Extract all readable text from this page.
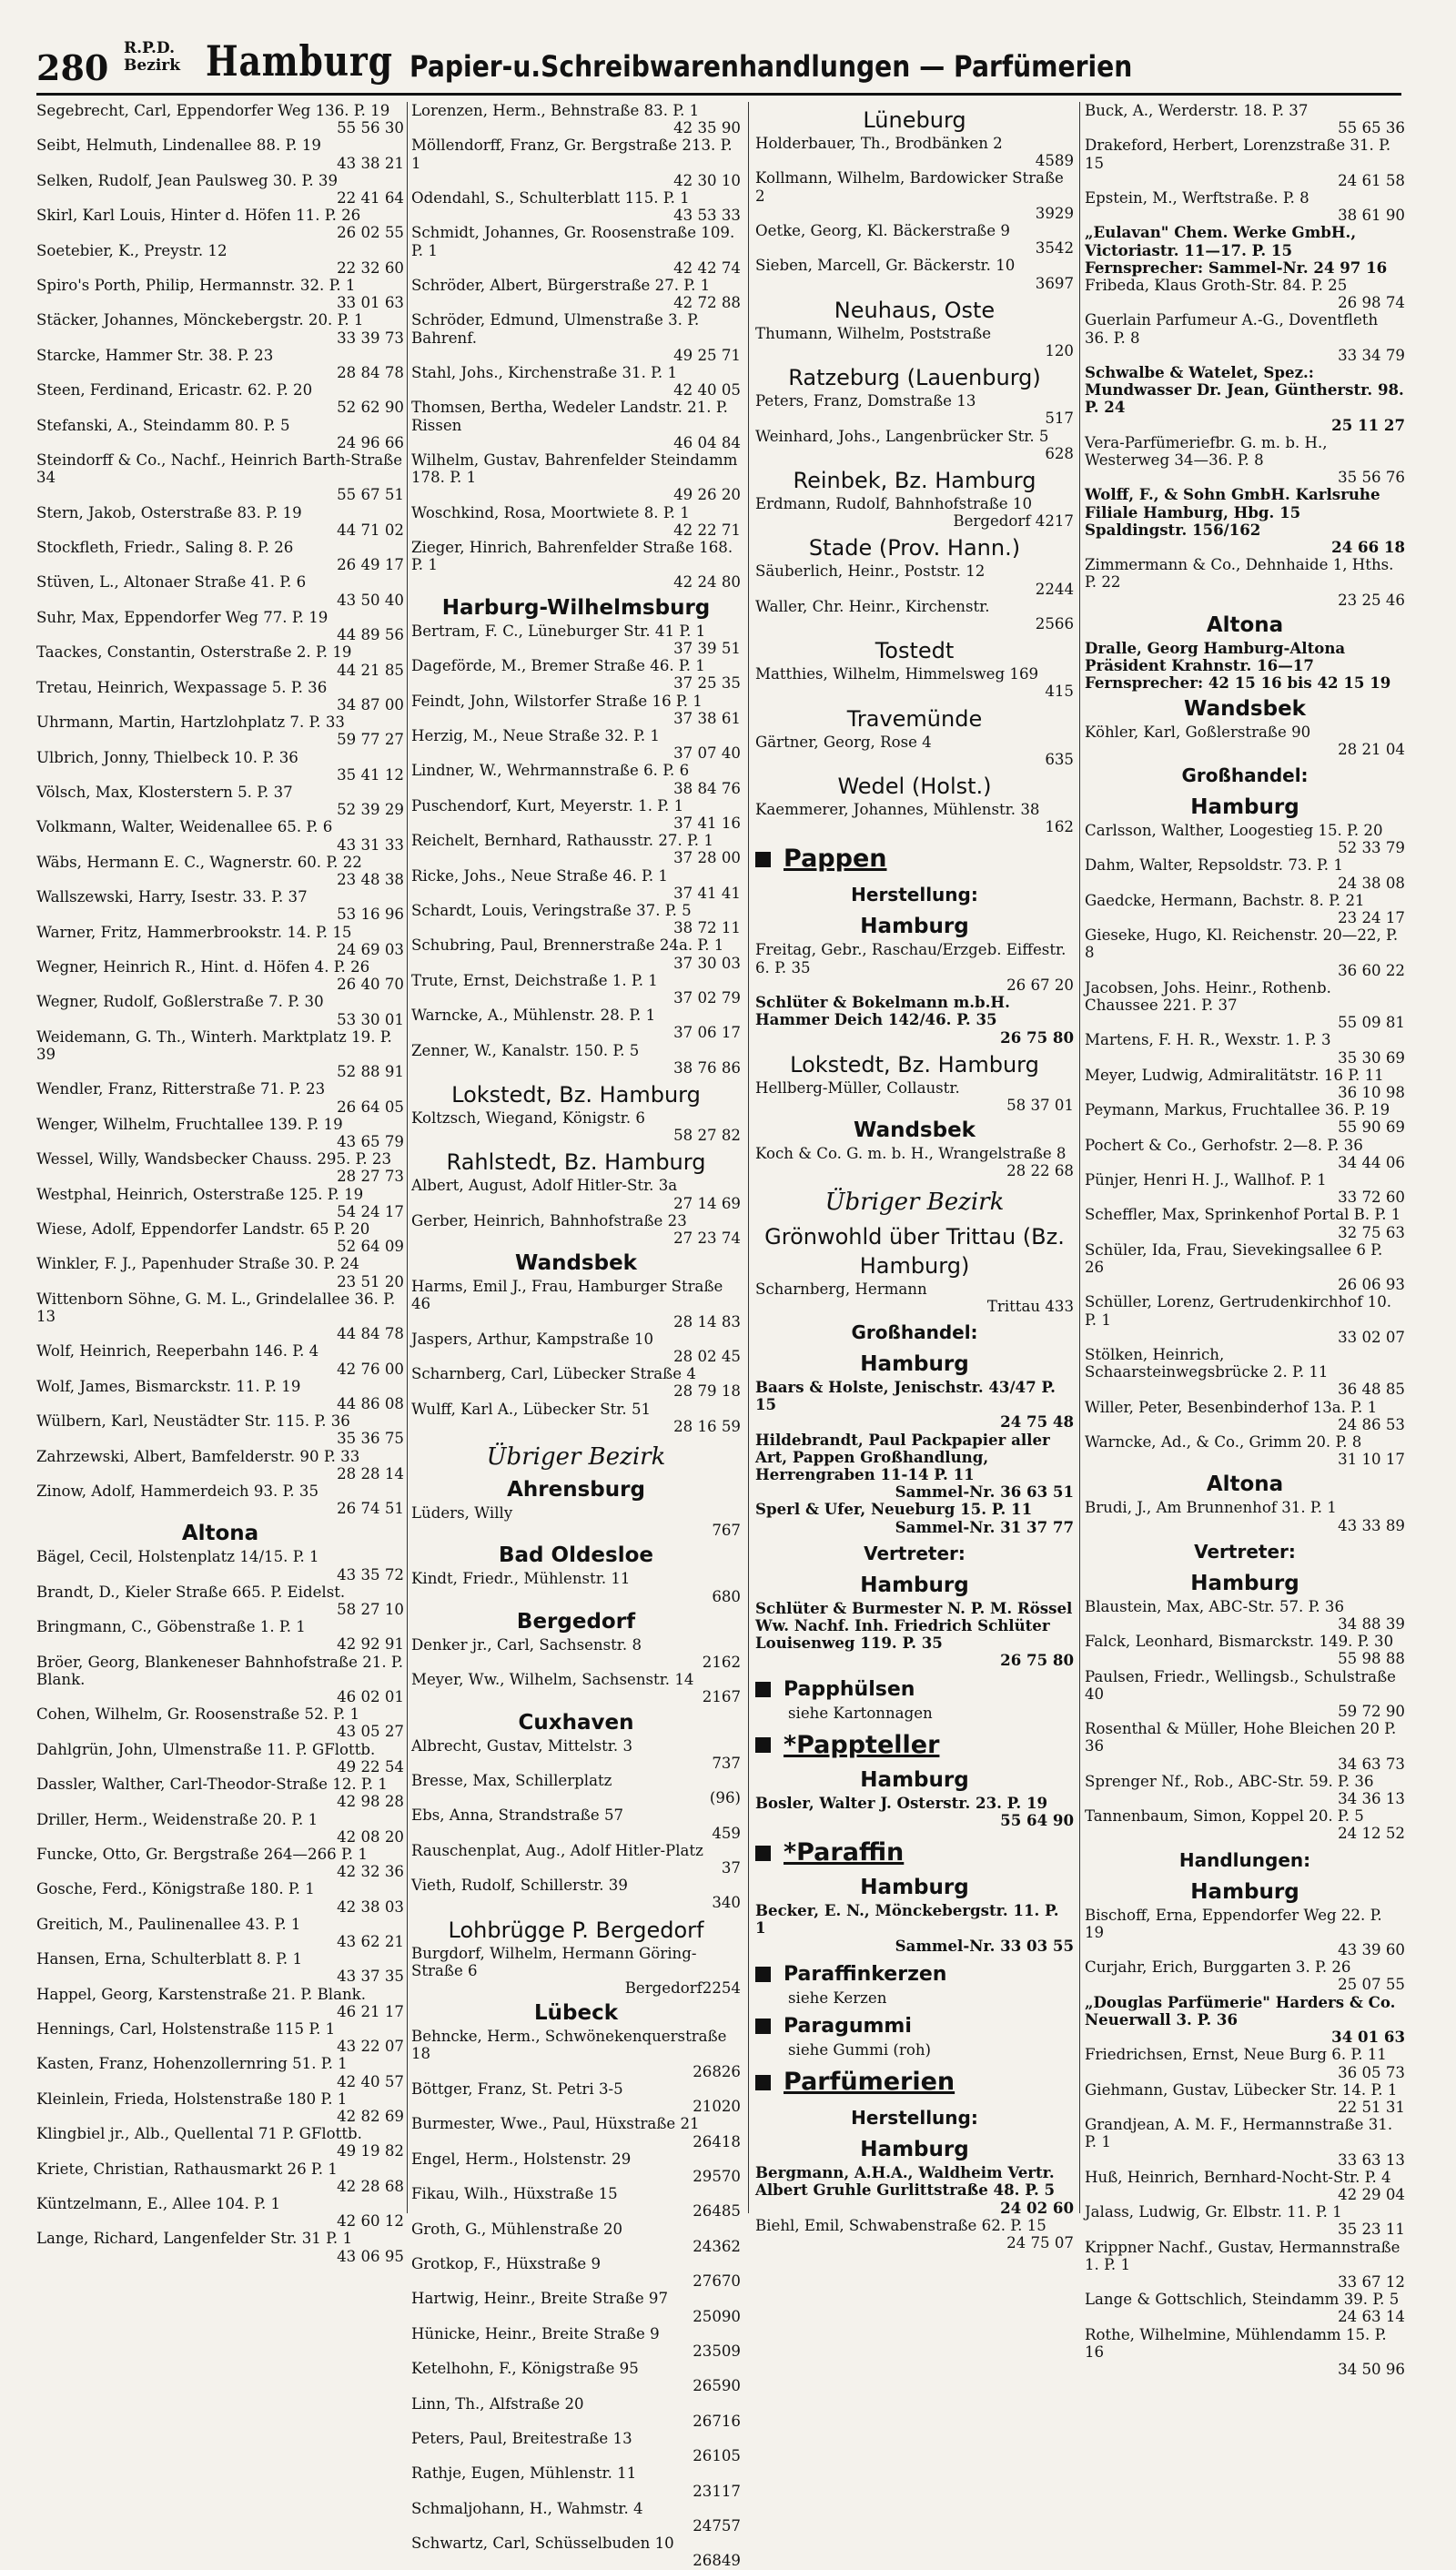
280 R.P.D.
Bezirk Hamburg Papier-u.Schreibwarenhandlungen — Parfümerien
Segebrecht, Carl, Eppendorfer Weg 136. P. 19
55 56 30
Seibt, Helmuth, Lindenallee 88. P. 19
43 38 21
Selken, Rudolf, Jean Paulsweg 30. P. 39
22 41 64
Skirl, Karl Louis, Hinter d. Höfen 11. P. 26
26 02 55
Soetebier, K., Preystr. 12
22 32 60
Spiro's Porth, Philip, Hermannstr. 32. P. 1
33 01 63
Stäcker, Johannes, Mönckebergstr. 20. P. 1
33 39 73
Starcke, Hammer Str. 38. P. 23
28 84 78
Steen, Ferdinand, Ericastr. 62. P. 20
52 62 90
Stefanski, A., Steindamm 80. P. 5
24 96 66
Steindorff & Co., Nachf., Heinrich Barth-Straße 34
55 67 51
Stern, Jakob, Osterstraße 83. P. 19
44 71 02
Stockfleth, Friedr., Saling 8. P. 26
26 49 17
Stüven, L., Altonaer Straße 41. P. 6
43 50 40
Suhr, Max, Eppendorfer Weg 77. P. 19
44 89 56
Taackes, Constantin, Osterstraße 2. P. 19
44 21 85
Tretau, Heinrich, Wexpassage 5. P. 36
34 87 00
Uhrmann, Martin, Hartzlohplatz 7. P. 33
59 77 27
Ulbrich, Jonny, Thielbeck 10. P. 36
35 41 12
Völsch, Max, Klosterstern 5. P. 37
52 39 29
Volkmann, Walter, Weidenallee 65. P. 6
43 31 33
Wäbs, Hermann E. C., Wagnerstr. 60. P. 22
23 48 38
Wallszewski, Harry, Isestr. 33. P. 37
53 16 96
Warner, Fritz, Hammerbrookstr. 14. P. 15
24 69 03
Wegner, Heinrich R., Hint. d. Höfen 4. P. 26
26 40 70
Wegner, Rudolf, Goßlerstraße 7. P. 30
53 30 01
Weidemann, G. Th., Winterh. Marktplatz 19. P. 39
52 88 91
Wendler, Franz, Ritterstraße 71. P. 23
26 64 05
Wenger, Wilhelm, Fruchtallee 139. P. 19
43 65 79
Wessel, Willy, Wandsbecker Chauss. 295. P. 23
28 27 73
Westphal, Heinrich, Osterstraße 125. P. 19
54 24 17
Wiese, Adolf, Eppendorfer Landstr. 65 P. 20
52 64 09
Winkler, F. J., Papenhuder Straße 30. P. 24
23 51 20
Wittenborn Söhne, G. M. L., Grindelallee 36. P. 13
44 84 78
Wolf, Heinrich, Reeperbahn 146. P. 4
42 76 00
Wolf, James, Bismarckstr. 11. P. 19
44 86 08
Wülbern, Karl, Neustädter Str. 115. P. 36
35 36 75
Zahrzewski, Albert, Bamfelderstr. 90 P. 33
28 28 14
Zinow, Adolf, Hammerdeich 93. P. 35
26 74 51
Altona
Bägel, Cecil, Holstenplatz 14/15. P. 1
43 35 72
Brandt, D., Kieler Straße 665. P. Eidelst.
58 27 10
Bringmann, C., Göbenstraße 1. P. 1
42 92 91
Bröer, Georg, Blankeneser Bahnhofstraße 21. P. Blank.
46 02 01
Cohen, Wilhelm, Gr. Roosenstraße 52. P. 1
43 05 27
Dahlgrün, John, Ulmenstraße 11. P. GFlottb.
49 22 54
Dassler, Walther, Carl-Theodor-Straße 12. P. 1
42 98 28
Driller, Herm., Weidenstraße 20. P. 1
42 08 20
Funcke, Otto, Gr. Bergstraße 264—266 P. 1
42 32 36
Gosche, Ferd., Königstraße 180. P. 1
42 38 03
Greitich, M., Paulinenallee 43. P. 1
43 62 21
Hansen, Erna, Schulterblatt 8. P. 1
43 37 35
Happel, Georg, Karstenstraße 21. P. Blank.
46 21 17
Hennings, Carl, Holstenstraße 115 P. 1
43 22 07
Kasten, Franz, Hohenzollernring 51. P. 1
42 40 57
Kleinlein, Frieda, Holstenstraße 180 P. 1
42 82 69
Klingbiel jr., Alb., Quellental 71 P. GFlottb.
49 19 82
Kriete, Christian, Rathausmarkt 26 P. 1
42 28 68
Küntzelmann, E., Allee 104. P. 1
42 60 12
Lange, Richard, Langenfelder Str. 31 P. 1
43 06 95
Lorenzen, Herm., Behnstraße 83. P. 1
42 35 90
Möllendorff, Franz, Gr. Bergstraße 213. P. 1
42 30 10
Odendahl, S., Schulterblatt 115. P. 1
43 53 33
Schmidt, Johannes, Gr. Roosenstraße 109. P. 1
42 42 74
Schröder, Albert, Bürgerstraße 27. P. 1
42 72 88
Schröder, Edmund, Ulmenstraße 3. P. Bahrenf.
49 25 71
Stahl, Johs., Kirchenstraße 31. P. 1
42 40 05
Thomsen, Bertha, Wedeler Landstr. 21. P. Rissen
46 04 84
Wilhelm, Gustav, Bahrenfelder Steindamm 178. P. 1
49 26 20
Woschkind, Rosa, Moortwiete 8. P. 1
42 22 71
Zieger, Hinrich, Bahrenfelder Straße 168. P. 1
42 24 80
Harburg-Wilhelmsburg
Bertram, F. C., Lüneburger Str. 41 P. 1
37 39 51
Dageförde, M., Bremer Straße 46. P. 1
37 25 35
Feindt, John, Wilstorfer Straße 16 P. 1
37 38 61
Herzig, M., Neue Straße 32. P. 1
37 07 40
Lindner, W., Wehrmannstraße 6. P. 6
38 84 76
Puschendorf, Kurt, Meyerstr. 1. P. 1
37 41 16
Reichelt, Bernhard, Rathausstr. 27. P. 1
37 28 00
Ricke, Johs., Neue Straße 46. P. 1
37 41 41
Schardt, Louis, Veringstraße 37. P. 5
38 72 11
Schubring, Paul, Brennerstraße 24a. P. 1
37 30 03
Trute, Ernst, Deichstraße 1. P. 1
37 02 79
Warncke, A., Mühlenstr. 28. P. 1
37 06 17
Zenner, W., Kanalstr. 150. P. 5
38 76 86
Lokstedt, Bz. Hamburg
Koltzsch, Wiegand, Königstr. 6
58 27 82
Rahlstedt, Bz. Hamburg
Albert, August, Adolf Hitler-Str. 3a
27 14 69
Gerber, Heinrich, Bahnhofstraße 23
27 23 74
Wandsbek
Harms, Emil J., Frau, Hamburger Straße 46
28 14 83
Jaspers, Arthur, Kampstraße 10
28 02 45
Scharnberg, Carl, Lübecker Straße 4
28 79 18
Wulff, Karl A., Lübecker Str. 51
28 16 59
Übriger Bezirk
Ahrensburg
Lüders, Willy
767
Bad Oldesloe
Kindt, Friedr., Mühlenstr. 11
680
Bergedorf
Denker jr., Carl, Sachsenstr. 8
2162
Meyer, Ww., Wilhelm, Sachsenstr. 14
2167
Cuxhaven
Albrecht, Gustav, Mittelstr. 3
737
Bresse, Max, Schillerplatz
(96)
Ebs, Anna, Strandstraße 57
459
Rauschenplat, Aug., Adolf Hitler-Platz
37
Vieth, Rudolf, Schillerstr. 39
340
Lohbrügge P. Bergedorf
Burgdorf, Wilhelm, Hermann Göring-Straße 6
Bergedorf2254
Lübeck
Behncke, Herm., Schwönekenquerstraße 18
26826
Böttger, Franz, St. Petri 3-5
21020
Burmester, Wwe., Paul, Hüxstraße 21
26418
Engel, Herm., Holstenstr. 29
29570
Fikau, Wilh., Hüxstraße 15
26485
Groth, G., Mühlenstraße 20
24362
Grotkop, F., Hüxstraße 9
27670
Hartwig, Heinr., Breite Straße 97
25090
Hünicke, Heinr., Breite Straße 9
23509
Ketelhohn, F., Königstraße 95
26590
Linn, Th., Alfstraße 20
26716
Peters, Paul, Breitestraße 13
26105
Rathje, Eugen, Mühlenstr. 11
23117
Schmaljohann, H., Wahmstr. 4
24757
Schwartz, Carl, Schüsselbuden 10
26849
Lüneburg
Holderbauer, Th., Brodbänken 2
4589
Kollmann, Wilhelm, Bardowicker Straße 2
3929
Oetke, Georg, Kl. Bäckerstraße 9
3542
Sieben, Marcell, Gr. Bäckerstr. 10
3697
Neuhaus, Oste
Thumann, Wilhelm, Poststraße
120
Ratzeburg (Lauenburg)
Peters, Franz, Domstraße 13
517
Weinhard, Johs., Langenbrücker Str. 5
628
Reinbek, Bz. Hamburg
Erdmann, Rudolf, Bahnhofstraße 10
Bergedorf 4217
Stade (Prov. Hann.)
Säuberlich, Heinr., Poststr. 12
2244
Waller, Chr. Heinr., Kirchenstr.
2566
Tostedt
Matthies, Wilhelm, Himmelsweg 169
415
Travemünde
Gärtner, Georg, Rose 4
635
Wedel (Holst.)
Kaemmerer, Johannes, Mühlenstr. 38
162
Pappen
Herstellung:
Hamburg
Freitag, Gebr., Raschau/Erzgeb. Eiffestr. 6. P. 35
26 67 20
Schlüter & Bokelmann m.b.H. Hammer Deich 142/46. P. 35
26 75 80
Lokstedt, Bz. Hamburg
Hellberg-Müller, Collaustr.
58 37 01
Wandsbek
Koch & Co. G. m. b. H., Wrangelstraße 8
28 22 68
Übriger Bezirk
Grönwohld über Trittau (Bz. Hamburg)
Scharnberg, Hermann
Trittau 433
Großhandel:
Hamburg
Baars & Holste, Jenischstr. 43/47 P. 15
24 75 48
Hildebrandt, Paul Packpapier aller Art, Pappen Großhandlung, Herrengraben 11-14 P. 11
Sammel-Nr. 36 63 51
Sperl & Ufer, Neueburg 15. P. 11
Sammel-Nr. 31 37 77
Vertreter:
Hamburg
Schlüter & Burmester N. P. M. Rössel Ww. Nachf. Inh. Friedrich Schlüter Louisenweg 119. P. 35
26 75 80
Papphülsen
siehe Kartonnagen
*Pappteller
Hamburg
Bosler, Walter J. Osterstr. 23. P. 19
55 64 90
*Paraffin
Hamburg
Becker, E. N., Mönckebergstr. 11. P. 1
Sammel-Nr. 33 03 55
Paraffinkerzen
siehe Kerzen
Paragummi
siehe Gummi (roh)
Parfümerien
Herstellung:
Hamburg
Bergmann, A.H.A., Waldheim Vertr. Albert Gruhle Gurlittstraße 48. P. 5
24 02 60
Biehl, Emil, Schwabenstraße 62. P. 15
24 75 07
Buck, A., Werderstr. 18. P. 37
55 65 36
Drakeford, Herbert, Lorenzstraße 31. P. 15
24 61 58
Epstein, M., Werftstraße. P. 8
38 61 90
„Eulavan" Chem. Werke GmbH., Victoriastr. 11—17. P. 15 Fernsprecher: Sammel-Nr. 24 97 16
Fribeda, Klaus Groth-Str. 84. P. 25
26 98 74
Guerlain Parfumeur A.-G., Doventfleth 36. P. 8
33 34 79
Schwalbe & Watelet, Spez.: Mundwasser Dr. Jean, Güntherstr. 98. P. 24
25 11 27
Vera-Parfümeriefbr. G. m. b. H., Westerweg 34—36. P. 8
35 56 76
Wolff, F., & Sohn GmbH. Karlsruhe Filiale Hamburg, Hbg. 15 Spaldingstr. 156/162
24 66 18
Zimmermann & Co., Dehnhaide 1, Hths. P. 22
23 25 46
Altona
Dralle, Georg Hamburg-Altona Präsident Krahnstr. 16—17 Fernsprecher: 42 15 16 bis 42 15 19
Wandsbek
Köhler, Karl, Goßlerstraße 90
28 21 04
Großhandel:
Hamburg
Carlsson, Walther, Loogestieg 15. P. 20
52 33 79
Dahm, Walter, Repsoldstr. 73. P. 1
24 38 08
Gaedcke, Hermann, Bachstr. 8. P. 21
23 24 17
Gieseke, Hugo, Kl. Reichenstr. 20—22, P. 8
36 60 22
Jacobsen, Johs. Heinr., Rothenb. Chaussee 221. P. 37
55 09 81
Martens, F. H. R., Wexstr. 1. P. 3
35 30 69
Meyer, Ludwig, Admiralitätstr. 16 P. 11
36 10 98
Peymann, Markus, Fruchtallee 36. P. 19
55 90 69
Pochert & Co., Gerhofstr. 2—8. P. 36
34 44 06
Pünjer, Henri H. J., Wallhof. P. 1
33 72 60
Scheffler, Max, Sprinkenhof Portal B. P. 1
32 75 63
Schüler, Ida, Frau, Sievekingsallee 6 P. 26
26 06 93
Schüller, Lorenz, Gertrudenkirchhof 10. P. 1
33 02 07
Stölken, Heinrich, Schaarsteinwegsbrücke 2. P. 11
36 48 85
Willer, Peter, Besenbinderhof 13a. P. 1
24 86 53
Warncke, Ad., & Co., Grimm 20. P. 8
31 10 17
Altona
Brudi, J., Am Brunnenhof 31. P. 1
43 33 89
Vertreter:
Hamburg
Blaustein, Max, ABC-Str. 57. P. 36
34 88 39
Falck, Leonhard, Bismarckstr. 149. P. 30
55 98 88
Paulsen, Friedr., Wellingsb., Schulstraße 40
59 72 90
Rosenthal & Müller, Hohe Bleichen 20 P. 36
34 63 73
Sprenger Nf., Rob., ABC-Str. 59. P. 36
34 36 13
Tannenbaum, Simon, Koppel 20. P. 5
24 12 52
Handlungen:
Hamburg
Bischoff, Erna, Eppendorfer Weg 22. P. 19
43 39 60
Curjahr, Erich, Burggarten 3. P. 26
25 07 55
„Douglas Parfümerie" Harders & Co. Neuerwall 3. P. 36
34 01 63
Friedrichsen, Ernst, Neue Burg 6. P. 11
36 05 73
Giehmann, Gustav, Lübecker Str. 14. P. 1
22 51 31
Grandjean, A. M. F., Hermannstraße 31. P. 1
33 63 13
Huß, Heinrich, Bernhard-Nocht-Str. P. 4
42 29 04
Jalass, Ludwig, Gr. Elbstr. 11. P. 1
35 23 11
Krippner Nachf., Gustav, Hermannstraße 1. P. 1
33 67 12
Lange & Gottschlich, Steindamm 39. P. 5
24 63 14
Rothe, Wilhelmine, Mühlendamm 15. P. 16
34 50 96
